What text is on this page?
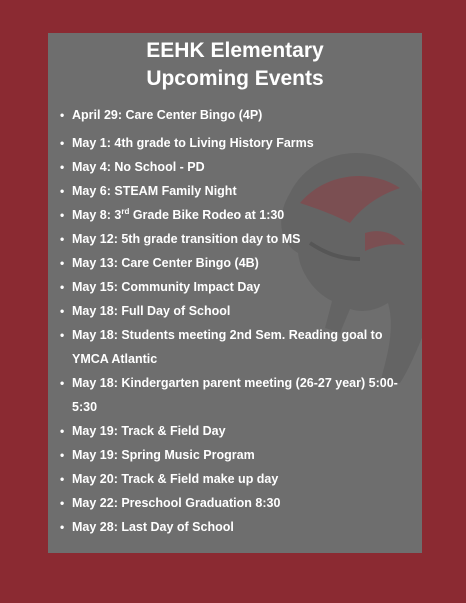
EEHK Elementary
Upcoming Events
• April 29: Care Center Bingo (4P)
• May 1: 4th grade to Living History Farms
• May 4: No School - PD
• May 6: STEAM Family Night
• May 8: 3rd Grade Bike Rodeo at 1:30
• May 12: 5th grade transition day to MS
• May 13: Care Center Bingo (4B)
• May 15: Community Impact Day
• May 18: Full Day of School
• May 18: Students meeting 2nd Sem. Reading goal to YMCA Atlantic
• May 18: Kindergarten parent meeting (26-27 year) 5:00-5:30
• May 19: Track & Field Day
• May 19: Spring Music Program
• May 20: Track & Field make up day
• May 22: Preschool Graduation 8:30
• May 28: Last Day of School
